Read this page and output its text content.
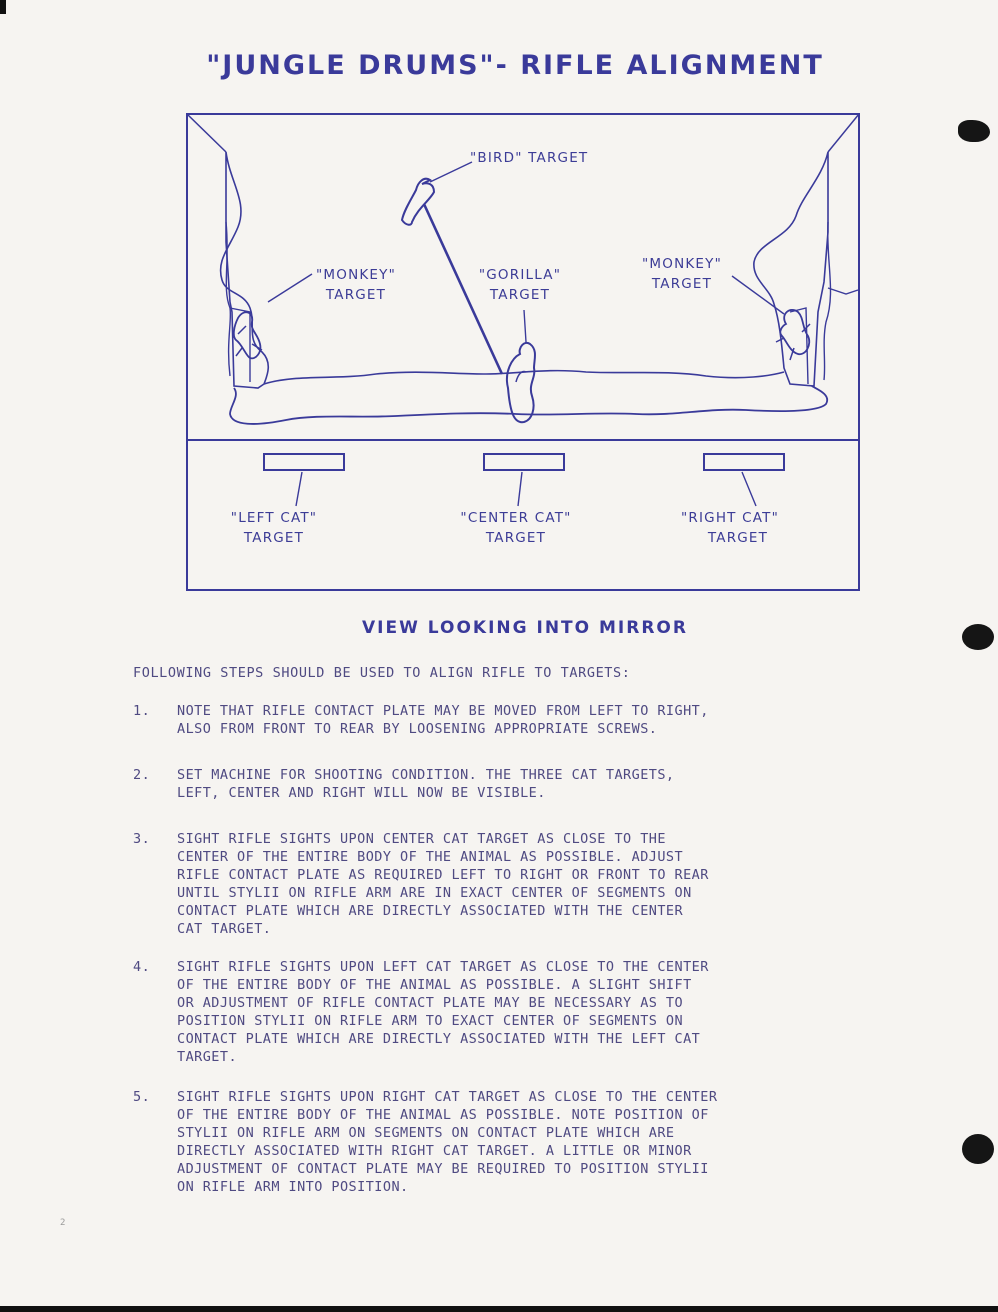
"JUNGLE DRUMS"- RIFLE ALIGNMENT
"BIRD" TARGET
"MONKEY"
TARGET
"GORILLA"
TARGET
"MONKEY"
TARGET
"LEFT CAT"
TARGET
"CENTER CAT"
TARGET
"RIGHT CAT"
TARGET
VIEW LOOKING INTO MIRROR
FOLLOWING STEPS SHOULD BE USED TO ALIGN RIFLE TO TARGETS:
1.	NOTE THAT RIFLE CONTACT PLATE MAY BE MOVED FROM LEFT TO RIGHT,
ALSO FROM FRONT TO REAR BY LOOSENING APPROPRIATE SCREWS.
2.	SET MACHINE FOR SHOOTING CONDITION. THE THREE CAT TARGETS,
LEFT, CENTER AND RIGHT WILL NOW BE VISIBLE.
3.	SIGHT RIFLE SIGHTS UPON CENTER CAT TARGET AS CLOSE TO THE
CENTER OF THE ENTIRE BODY OF THE ANIMAL AS POSSIBLE. ADJUST
RIFLE CONTACT PLATE AS REQUIRED LEFT TO RIGHT OR FRONT TO REAR
UNTIL STYLII ON RIFLE ARM ARE IN EXACT CENTER OF SEGMENTS ON
CONTACT PLATE WHICH ARE DIRECTLY ASSOCIATED WITH THE CENTER
CAT TARGET.
4.	SIGHT RIFLE SIGHTS UPON LEFT CAT TARGET AS CLOSE TO THE CENTER
OF THE ENTIRE BODY OF THE ANIMAL AS POSSIBLE. A SLIGHT SHIFT
OR ADJUSTMENT OF RIFLE CONTACT PLATE MAY BE NECESSARY AS TO
POSITION STYLII ON RIFLE ARM TO EXACT CENTER OF SEGMENTS ON
CONTACT PLATE WHICH ARE DIRECTLY ASSOCIATED WITH THE LEFT CAT
TARGET.
5.	SIGHT RIFLE SIGHTS UPON RIGHT CAT TARGET AS CLOSE TO THE CENTER
OF THE ENTIRE BODY OF THE ANIMAL AS POSSIBLE. NOTE POSITION OF
STYLII ON RIFLE ARM ON SEGMENTS ON CONTACT PLATE WHICH ARE
DIRECTLY ASSOCIATED WITH RIGHT CAT TARGET. A LITTLE OR MINOR
ADJUSTMENT OF CONTACT PLATE MAY BE REQUIRED TO POSITION STYLII
ON RIFLE ARM INTO POSITION.
2
